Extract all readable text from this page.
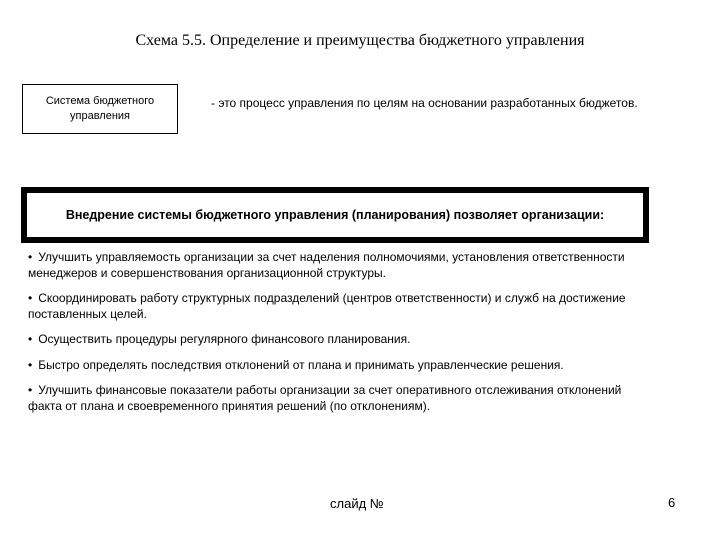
Схема 5.5. Определение и преимущества бюджетного управления
Система бюджетного управления
- это процесс управления по целям на основании разработанных бюджетов.
Внедрение системы бюджетного управления (планирования) позволяет организации:
• Улучшить управляемость организации за счет наделения полномочиями, установления ответственности менеджеров и совершенствования организационной структуры.
• Скоординировать работу структурных подразделений (центров ответственности) и служб на достижение поставленных целей.
• Осуществить процедуры регулярного финансового планирования.
• Быстро определять последствия отклонений от плана и принимать управленческие решения.
• Улучшить финансовые показатели работы организации за счет оперативного отслеживания отклонений факта от плана и своевременного принятия решений (по отклонениям).
слайд №	6
